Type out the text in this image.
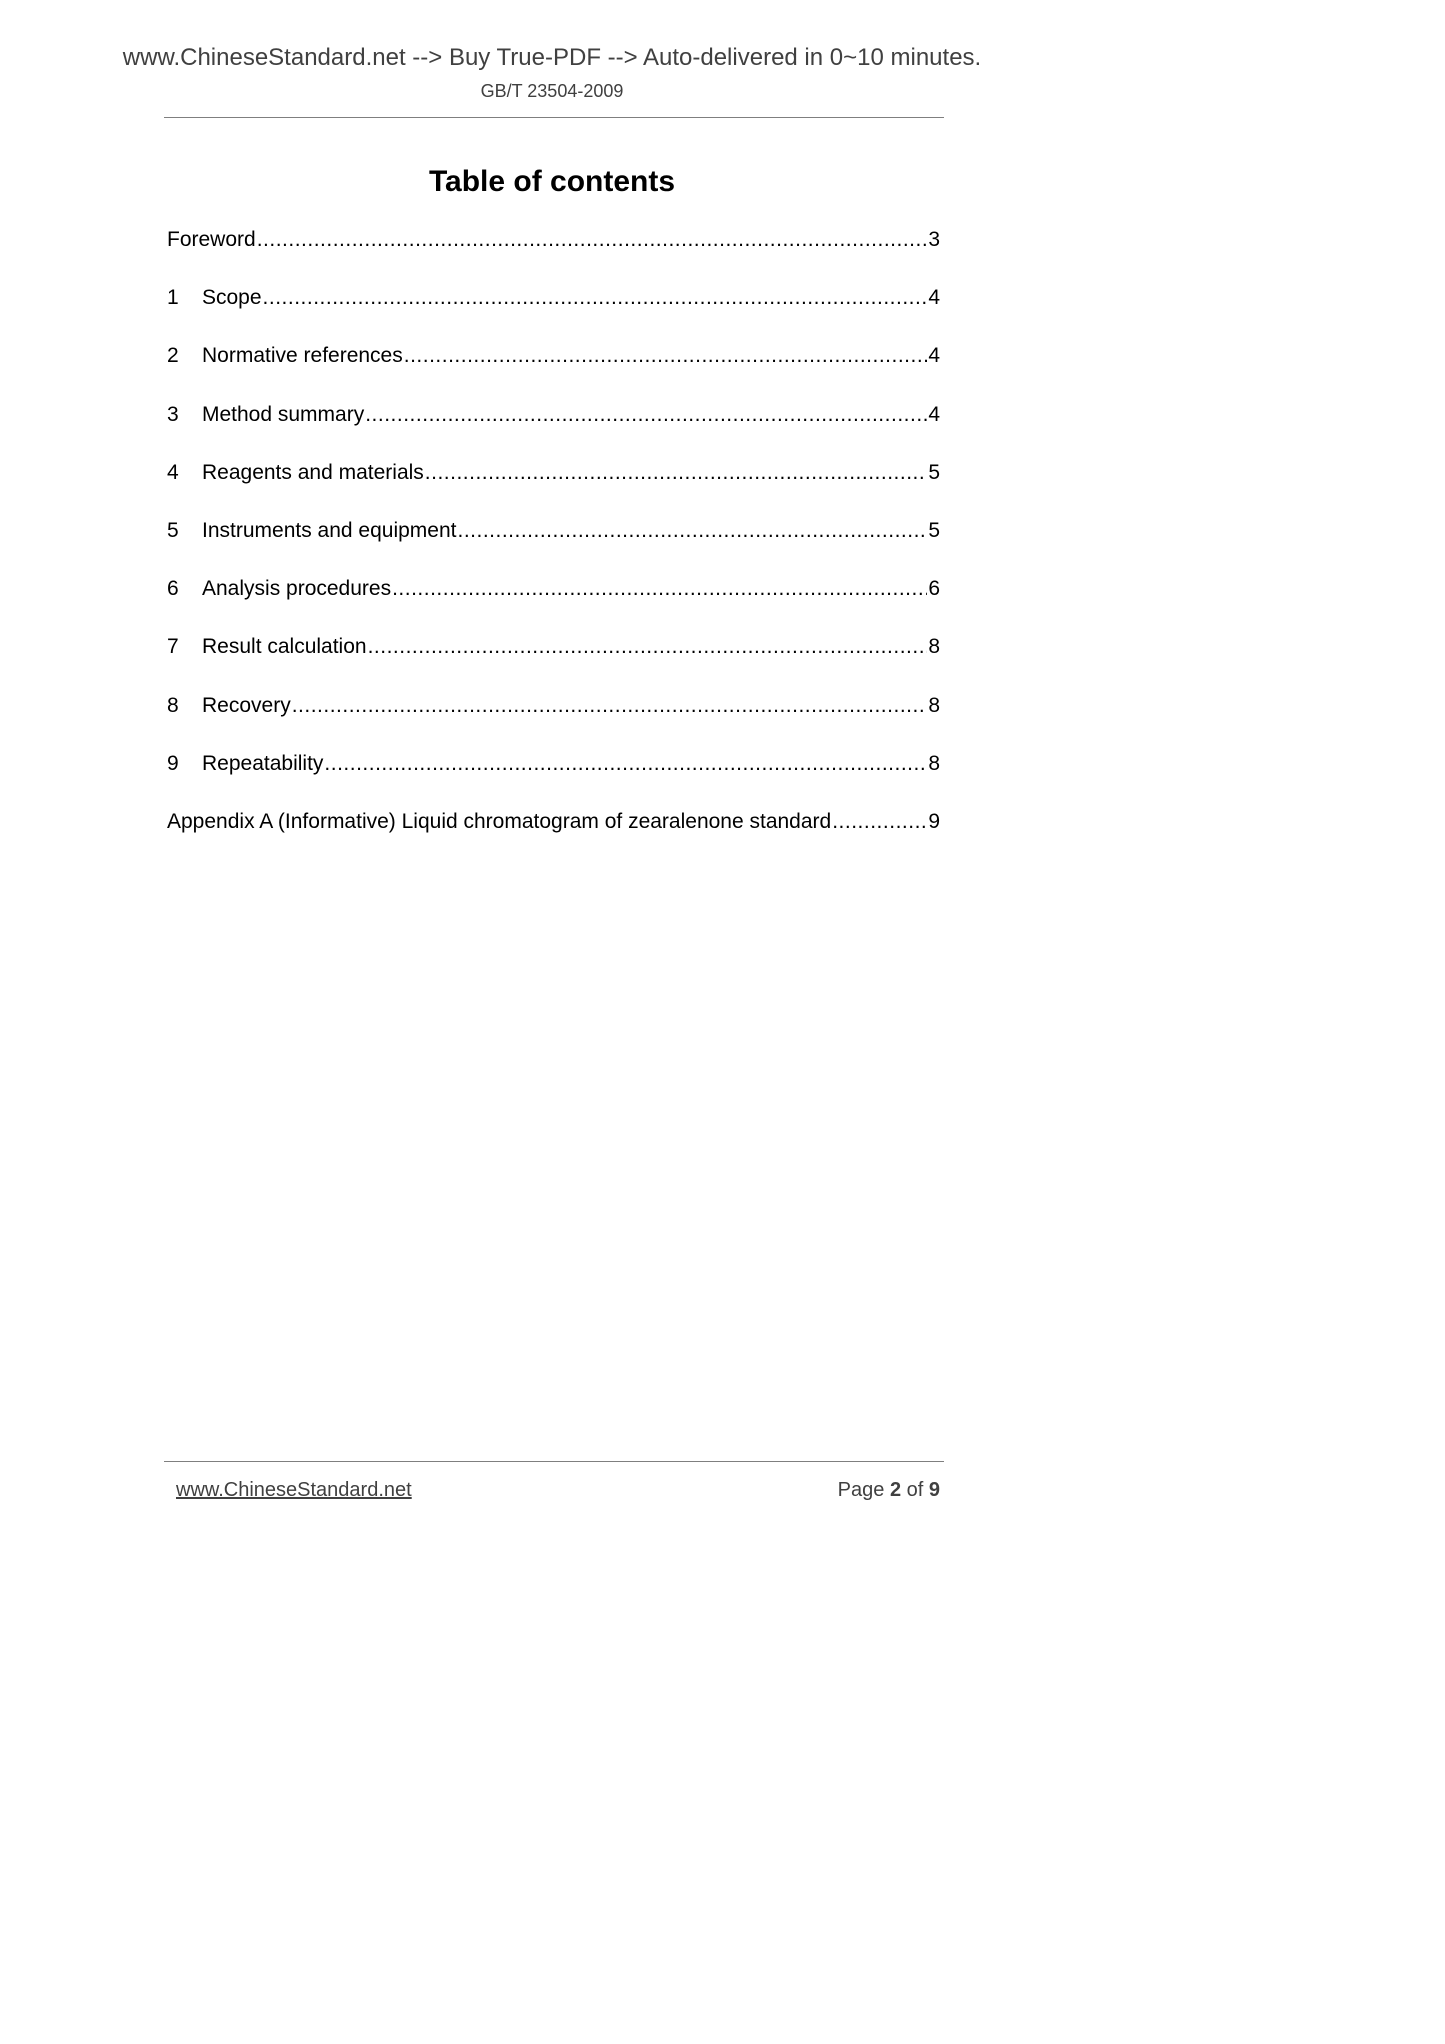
www.ChineseStandard.net --> Buy True-PDF --> Auto-delivered in 0~10 minutes.
GB/T 23504-2009
Table of contents
Foreword .....	3
1	Scope .....	4
2	Normative references .....	4
3	Method summary .....	4
4	Reagents and materials .....	5
5	Instruments and equipment .....	5
6	Analysis procedures .....	6
7	Result calculation .....	8
8	Recovery .....	8
9	Repeatability .....	8
Appendix A (Informative) Liquid chromatogram of zearalenone standard .....	9
www.ChineseStandard.net	Page 2 of 9
